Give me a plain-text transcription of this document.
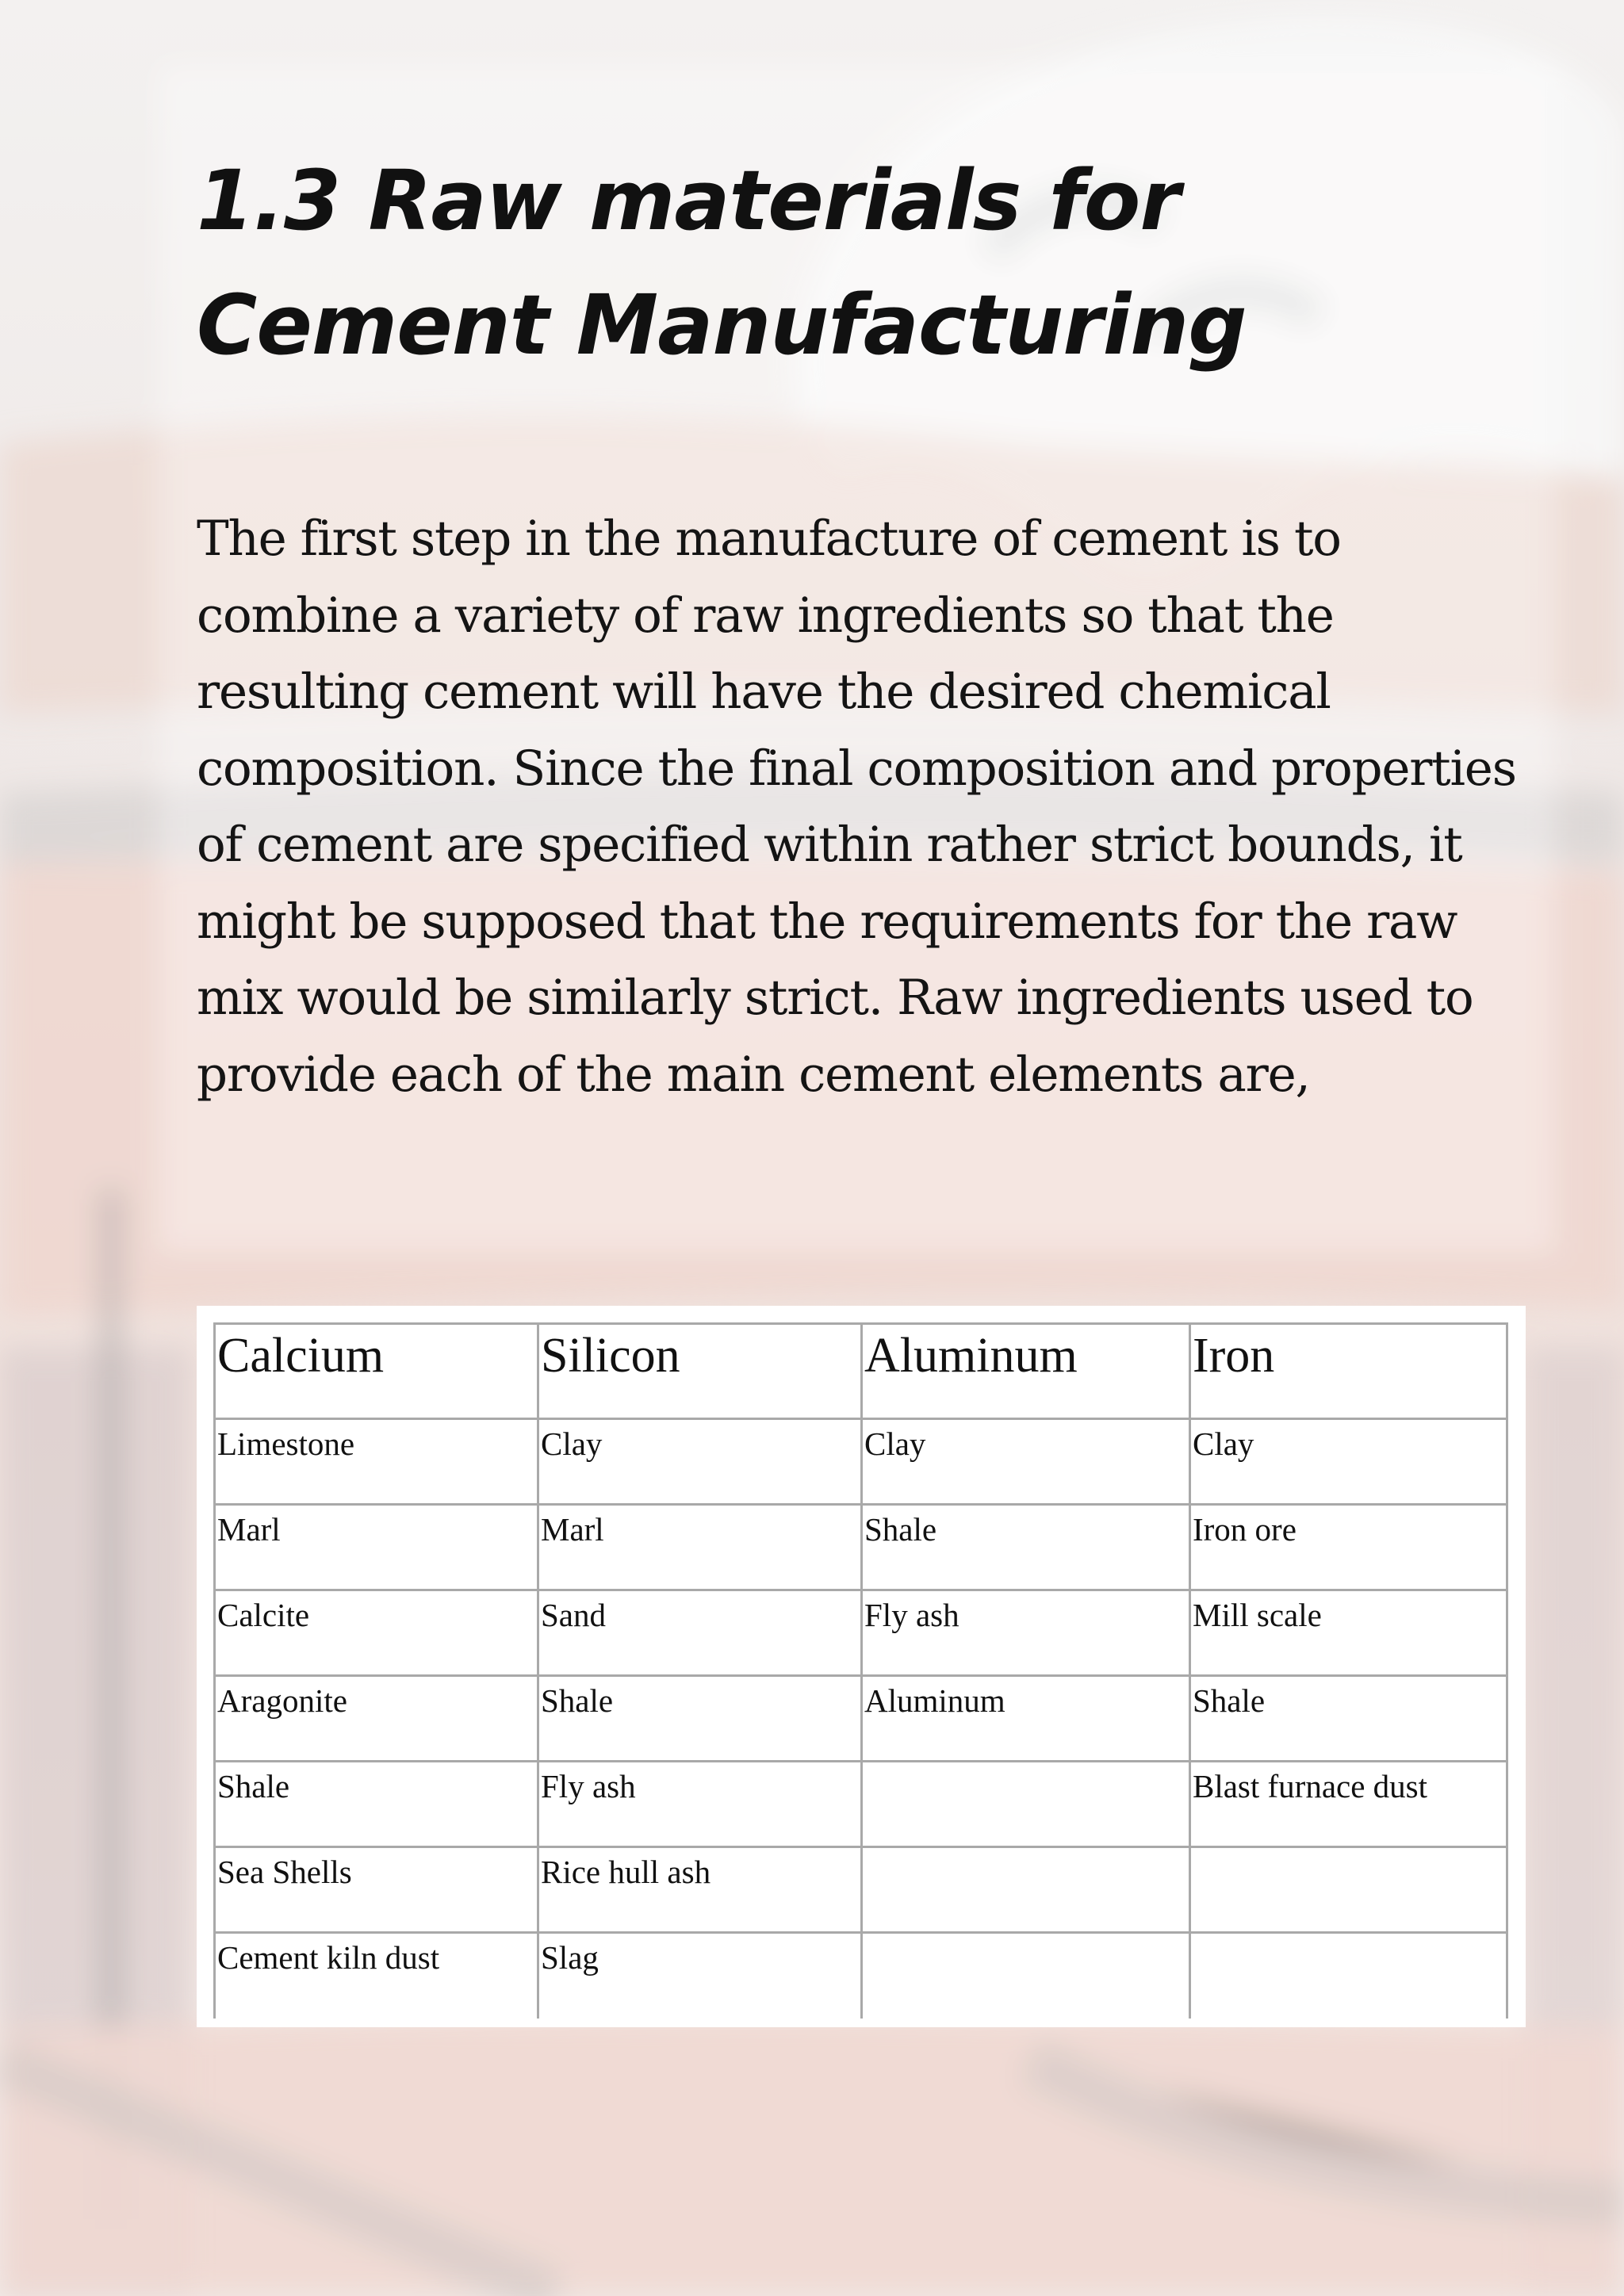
1.3 Raw materials for Cement Manufacturing

The first step in the manufacture of cement is to combine a variety of raw ingredients so that the resulting cement will have the desired chemical composition. Since the final composition and properties of cement are specified within rather strict bounds, it might be supposed that the requirements for the raw mix would be similarly strict. Raw ingredients used to provide each of the main cement elements are,

Calcium	Silicon	Aluminum	Iron
Limestone	Clay	Clay	Clay
Marl	Marl	Shale	Iron ore
Calcite	Sand	Fly ash	Mill scale
Aragonite	Shale	Aluminum	Shale
Shale	Fly ash		Blast furnace dust
Sea Shells	Rice hull ash		
Cement kiln dust	Slag		
